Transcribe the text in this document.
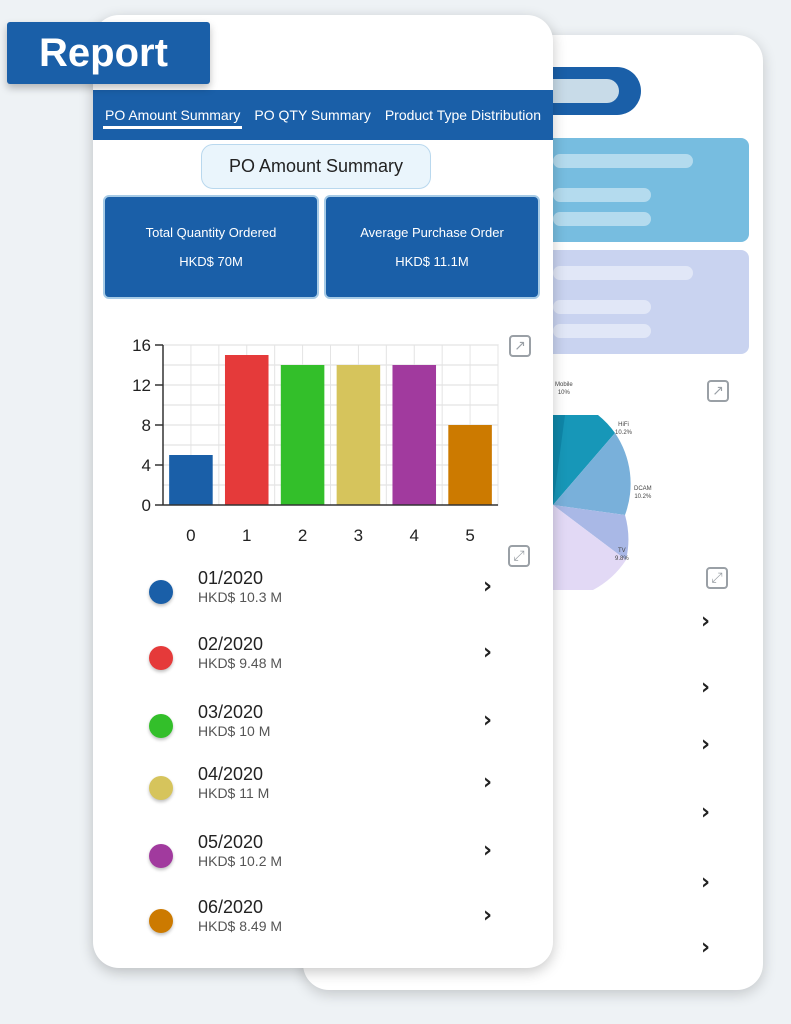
↗
Mobile
10%
HiFi
10.2%
DCAM
10.2%
TV
9.8%
⤢
›
›
›
›
›
›
PO Amount Summary PO QTY Summary Product Type Distribution
PO Amount Summary
Total Quantity Ordered
HKD$ 70M
Average Purchase Order
HKD$ 11.1M
↗
0
4
8
12
16
0	1	2	3	4	5
⤢
01/2020
HKD$ 10.3 M	›
02/2020
HKD$ 9.48 M	›
03/2020
HKD$ 10 M	›
04/2020
HKD$ 11 M	›
05/2020
HKD$ 10.2 M	›
06/2020
HKD$ 8.49 M	›
Report
